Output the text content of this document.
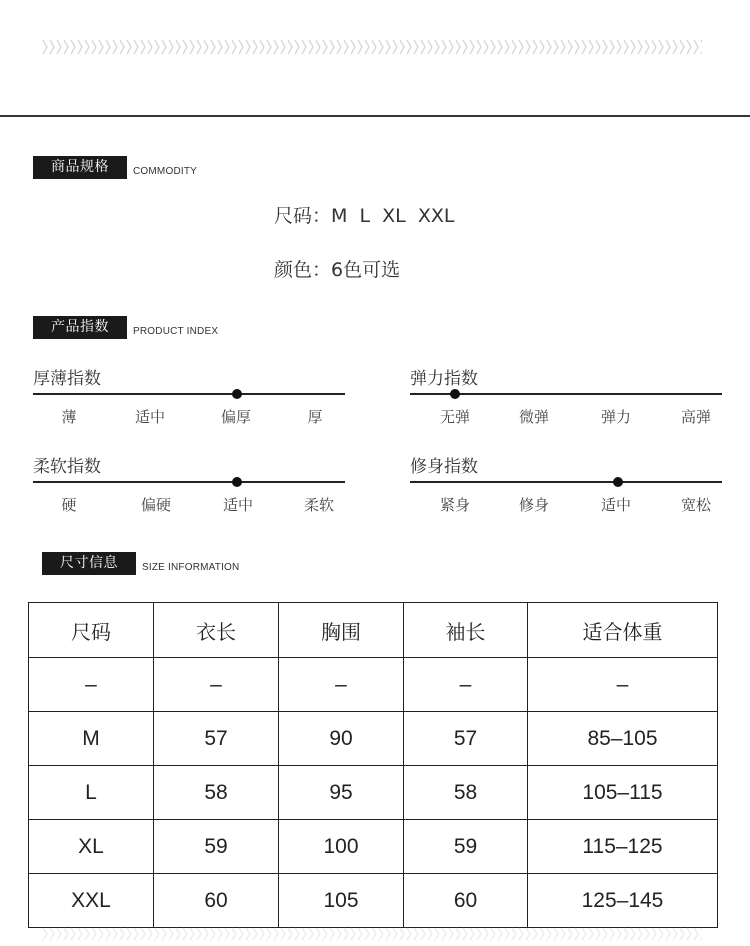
商品规格	COMMODITY
尺码：M  L  XL  XXL
颜色：6色可选
产品指数	PRODUCT INDEX
厚薄指数
薄	适中	偏厚	厚
弹力指数
无弹	微弹	弹力	高弹
柔软指数
硬	偏硬	适中	柔软
修身指数
紧身	修身	适中	宽松
尺寸信息	SIZE INFORMATION
尺码	衣长	胸围	袖长	适合体重
–	–	–	–	–
M	57	90	57	85–105
L	58	95	58	105–115
XL	59	100	59	115–125
XXL	60	105	60	125–145
